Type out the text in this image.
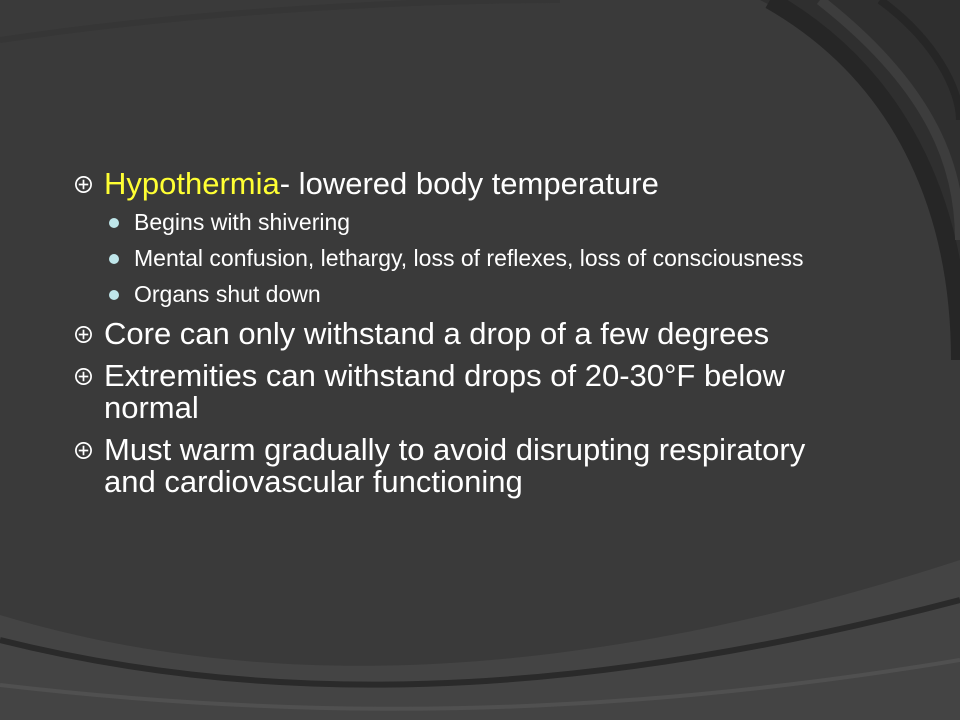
Hypothermia- lowered body temperature
Begins with shivering
Mental confusion, lethargy, loss of reflexes, loss of consciousness
Organs shut down
Core can only withstand a drop of a few degrees
Extremities can withstand drops of 20-30°F below normal
Must warm gradually to avoid disrupting respiratory and cardiovascular functioning
